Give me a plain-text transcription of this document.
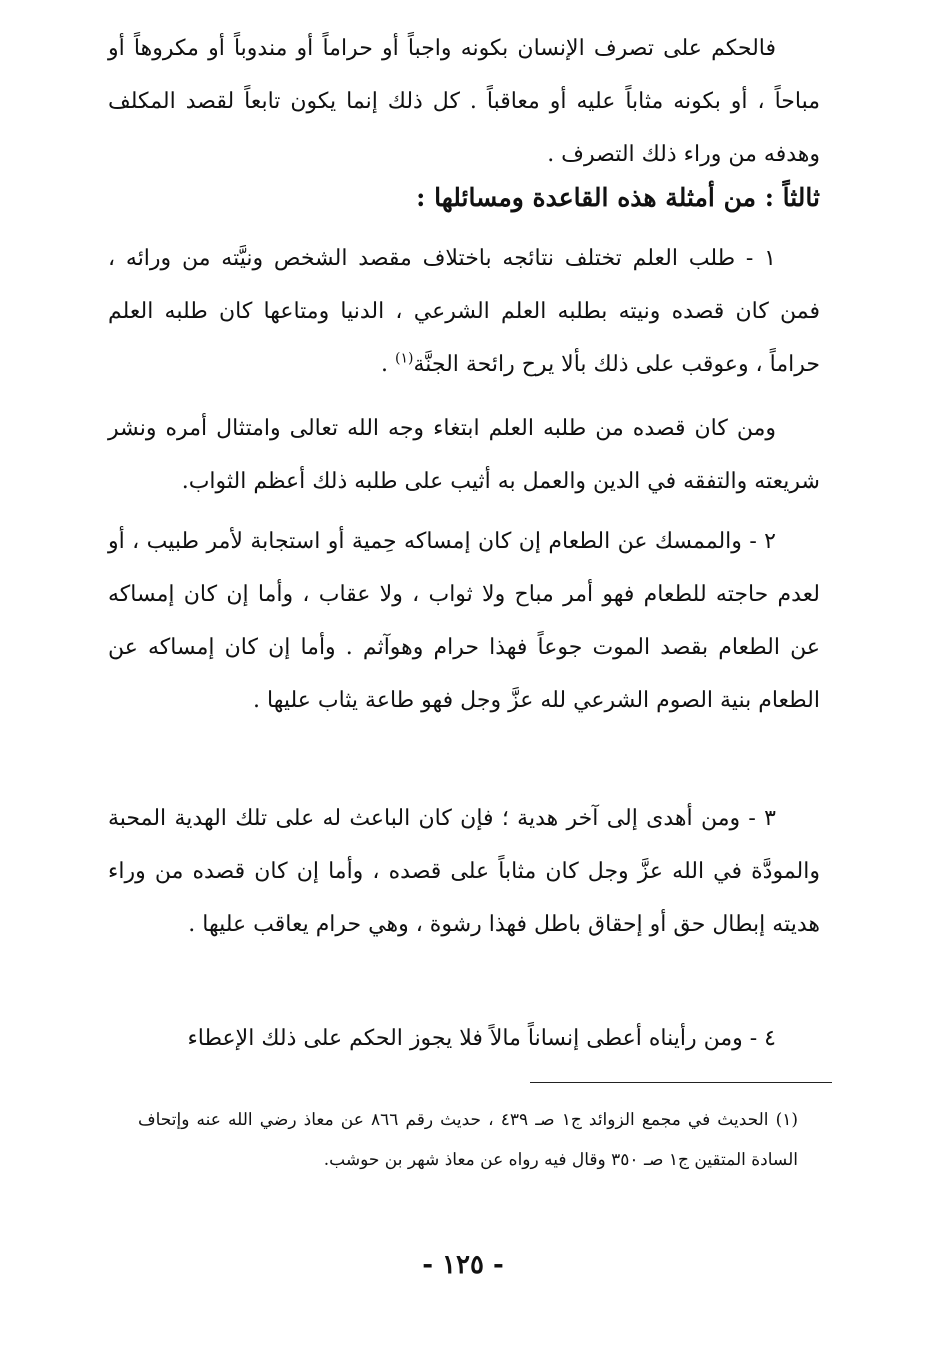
فالحكم على تصرف الإنسان بكونه واجباً أو حراماً أو مندوباً أو مكروهاً أو مباحاً ، أو بكونه مثاباً عليه أو معاقباً . كل ذلك إنما يكون تابعاً لقصد المكلف وهدفه من وراء ذلك التصرف .

ثالثاً : من أمثلة هذه القاعدة ومسائلها :

١ - طلب العلم تختلف نتائجه باختلاف مقصد الشخص ونيَّته من ورائه ، فمن كان قصده ونيته بطلبه العلم الشرعي ، الدنيا ومتاعها كان طلبه العلم حراماً ، وعوقب على ذلك بألا يرح رائحة الجنَّة$^{(١)}$ .

ومن كان قصده من طلبه العلم ابتغاء وجه الله تعالى وامتثال أمره ونشر شريعته والتفقه في الدين والعمل به أثيب على طلبه ذلك أعظم الثواب.

٢ - والممسك عن الطعام إن كان إمساكه حِمية أو استجابة لأمر طبيب ، أو لعدم حاجته للطعام فهو أمر مباح ولا ثواب ، ولا عقاب ، وأما إن كان إمساكه عن الطعام بقصد الموت جوعاً فهذا حرام وهوآثم . وأما إن كان إمساكه عن الطعام بنية الصوم الشرعي لله عزَّ وجل فهو طاعة يثاب عليها .

٣ - ومن أهدى إلى آخر هدية ؛ فإن كان الباعث له على تلك الهدية المحبة والمودَّة في الله عزَّ وجل كان مثاباً على قصده ، وأما إن كان قصده من وراء هديته إبطال حق أو إحقاق باطل فهذا رشوة ، وهي حرام يعاقب عليها .

٤ - ومن رأيناه أعطى إنساناً مالاً فلا يجوز الحكم على ذلك الإعطاء

(١) الحديث في مجمع الزوائد ج١ صـ ٤٣٩ ، حديث رقم ٨٦٦ عن معاذ رضي الله عنه وإتحاف السادة المتقين ج١ صـ ٣٥٠ وقال فيه رواه عن معاذ شهر بن حوشب.

- ١٢٥ -
